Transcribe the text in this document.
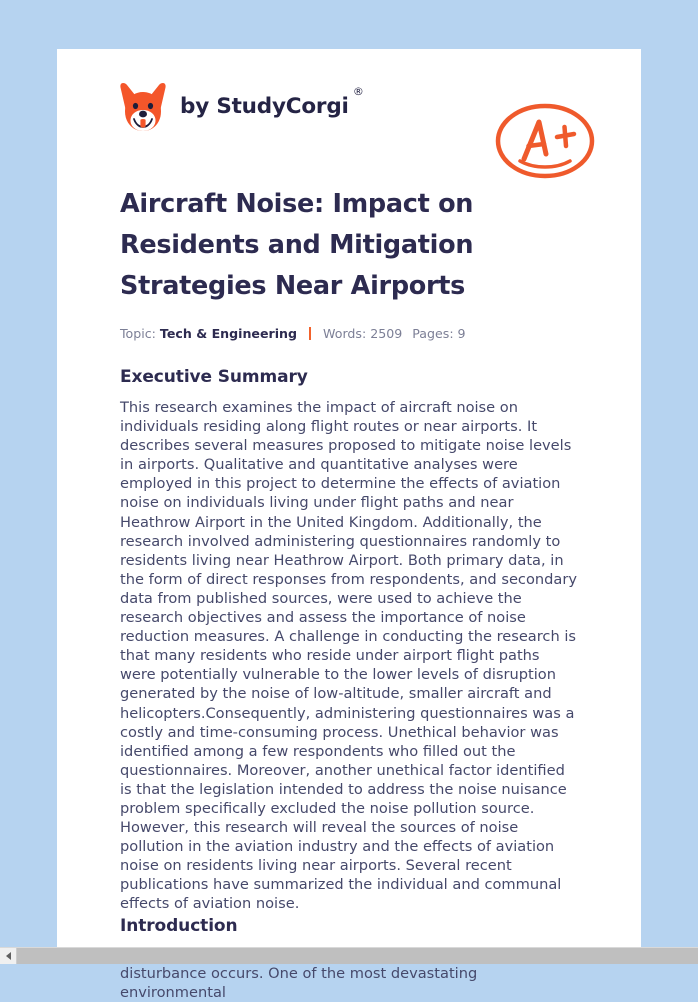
by StudyCorgi
®
Aircraft Noise: Impact on Residents and Mitigation Strategies Near Airports
Topic: Tech & Engineering Words: 2509 Pages: 9
Executive Summary

This research examines the impact of aircraft noise on individuals residing along flight routes or near airports. It describes several measures proposed to mitigate noise levels in airports. Qualitative and quantitative analyses were employed in this project to determine the effects of aviation noise on individuals living under flight paths and near Heathrow Airport in the United Kingdom. Additionally, the research involved administering questionnaires randomly to residents living near Heathrow Airport. Both primary data, in the form of direct responses from respondents, and secondary data from published sources, were used to achieve the research objectives and assess the importance of noise reduction measures. A challenge in conducting the research is that many residents who reside under airport flight paths were potentially vulnerable to the lower levels of disruption generated by the noise of low-altitude, smaller aircraft and helicopters.Consequently, administering questionnaires was a costly and time-consuming process. Unethical behavior was identified among a few respondents who filled out the questionnaires. Moreover, another unethical factor identified is that the legislation intended to address the noise nuisance problem specifically excluded the noise pollution source. However, this research will reveal the sources of noise pollution in the aviation industry and the effects of aviation noise on residents living near airports. Several recent publications have summarized the individual and communal effects of aviation noise.

Introduction

disturbance occurs. One of the most devastating environmental
